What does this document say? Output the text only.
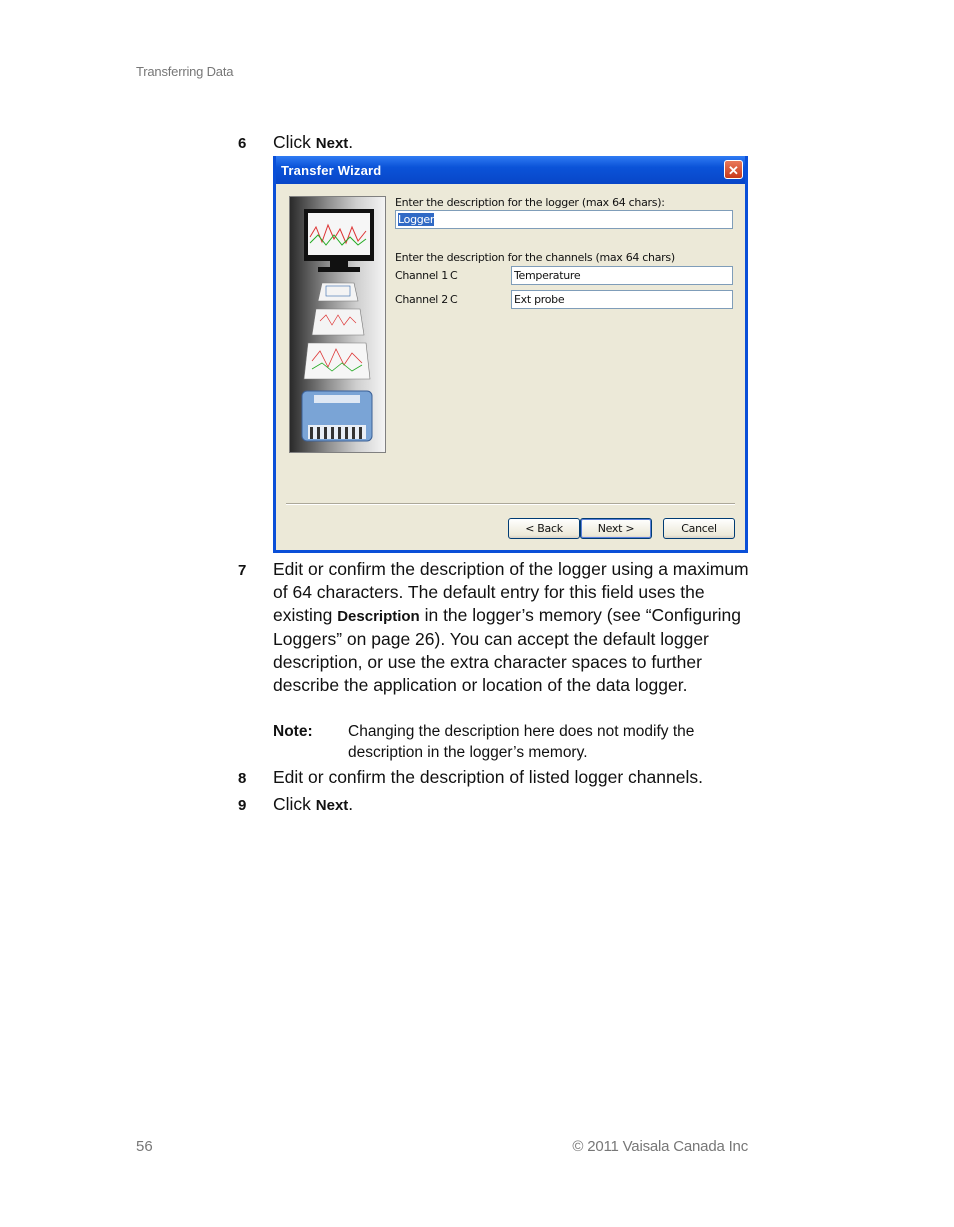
Transferring Data
6 Click Next.
Transfer Wizard	✕
Enter the description for the logger (max 64 chars):
Logger
Enter the description for the channels (max 64 chars)
Channel 1 C	Temperature
Channel 2 C	Ext probe
< Back	Next >	Cancel
7 Edit or confirm the description of the logger using a maximum of 64 characters. The default entry for this field uses the existing Description in the logger’s memory (see “Configuring Loggers” on page 26). You can accept the default logger description, or use the extra character spaces to further describe the application or location of the data logger.
Note: Changing the description here does not modify the description in the logger’s memory.
8 Edit or confirm the description of listed logger channels.
9 Click Next.
56	© 2011 Vaisala Canada Inc
